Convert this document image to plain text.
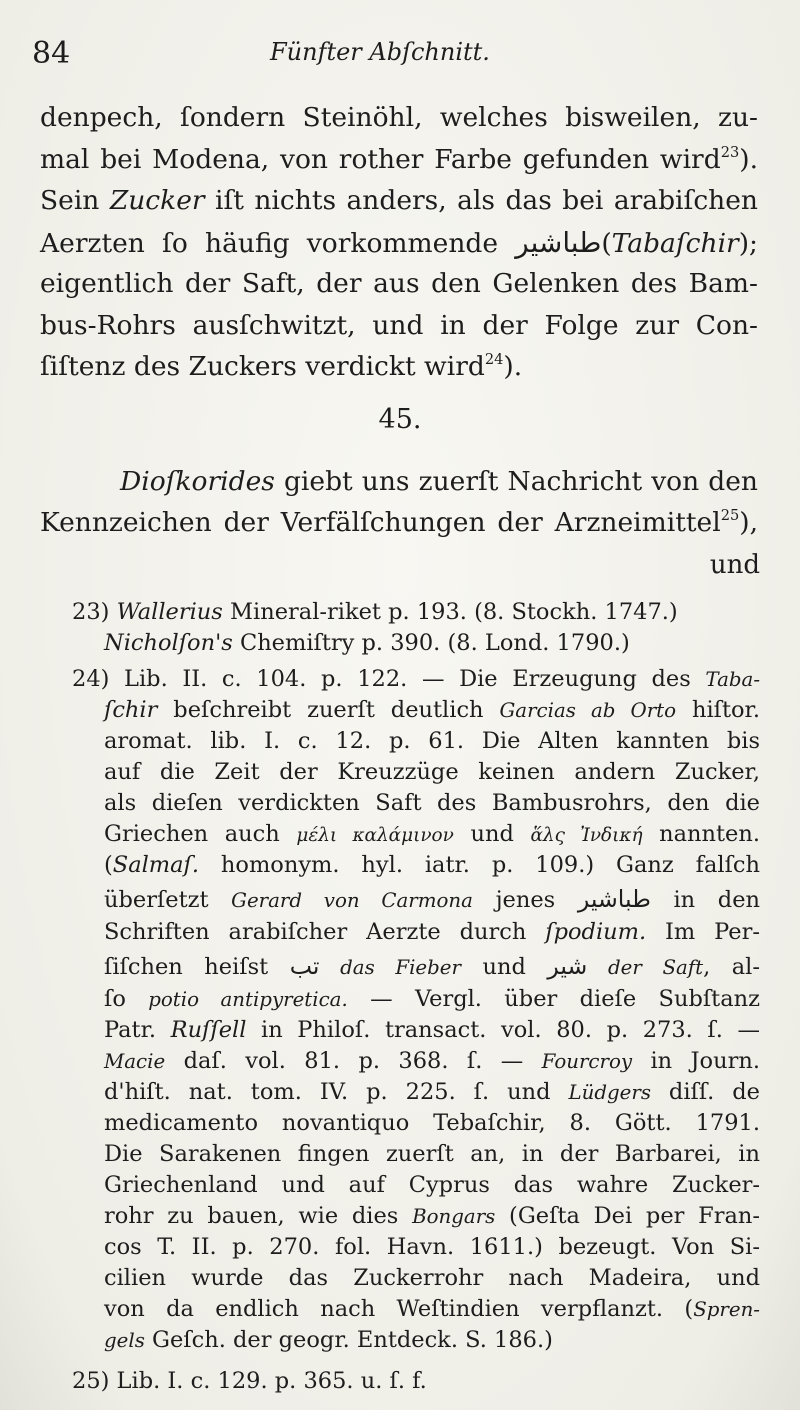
84	Fünfter Abſchnitt.
denpech, ſondern Steinöhl, welches bisweilen, zu-
mal bei Modena, von rother Farbe gefunden wird$^{23}$).
Sein Zucker iſt nichts anders, als das bei arabiſchen
Aerzten ſo häufig vorkommende طباشير(Tabaſchir);
eigentlich der Saft, der aus den Gelenken des Bam-
bus-Rohrs ausſchwitzt, und in der Folge zur Con-
ſiſtenz des Zuckers verdickt wird$^{24}$).
45.
Dioſkorides giebt uns zuerſt Nachricht von den
Kennzeichen der Verfälſchungen der Arzneimittel$^{25}$),
und
23) Wallerius Mineral-riket p. 193. (8. Stockh. 1747.)
Nicholſon's Chemiſtry p. 390. (8. Lond. 1790.)
24) Lib. II. c. 104. p. 122. — Die Erzeugung des Taba-
ſchir beſchreibt zuerſt deutlich Garcias ab Orto hiſtor.
aromat. lib. I. c. 12. p. 61. Die Alten kannten bis
auf die Zeit der Kreuzzüge keinen andern Zucker,
als dieſen verdickten Saft des Bambusrohrs, den die
Griechen auch μέλι καλάμινον und ἅλς Ἰνδική nannten.
(Salmaſ. homonym. hyl. iatr. p. 109.) Ganz falſch
überſetzt Gerard von Carmona jenes طباشير in den
Schriften arabiſcher Aerzte durch ſpodium. Im Per-
ſiſchen heiſst تب das Fieber und شير der Saft, al-
ſo potio antipyretica. — Vergl. über dieſe Subſtanz
Patr. Ruſſell in Philoſ. transact. vol. 80. p. 273. ſ. —
Macie daſ. vol. 81. p. 368. ſ. — Fourcroy in Journ.
d'hiſt. nat. tom. IV. p. 225. ſ. und Lüdgers diſſ. de
medicamento novantiquo Tebaſchir, 8. Gött. 1791.
Die Sarakenen fingen zuerſt an, in der Barbarei, in
Griechenland und auf Cyprus das wahre Zucker-
rohr zu bauen, wie dies Bongars (Geſta Dei per Fran-
cos T. II. p. 270. fol. Havn. 1611.) bezeugt. Von Si-
cilien wurde das Zuckerrohr nach Madeira, und
von da endlich nach Weſtindien verpflanzt. (Spren-
gels Geſch. der geogr. Entdeck. S. 186.)
25) Lib. I. c. 129. p. 365. u. ſ. f.
